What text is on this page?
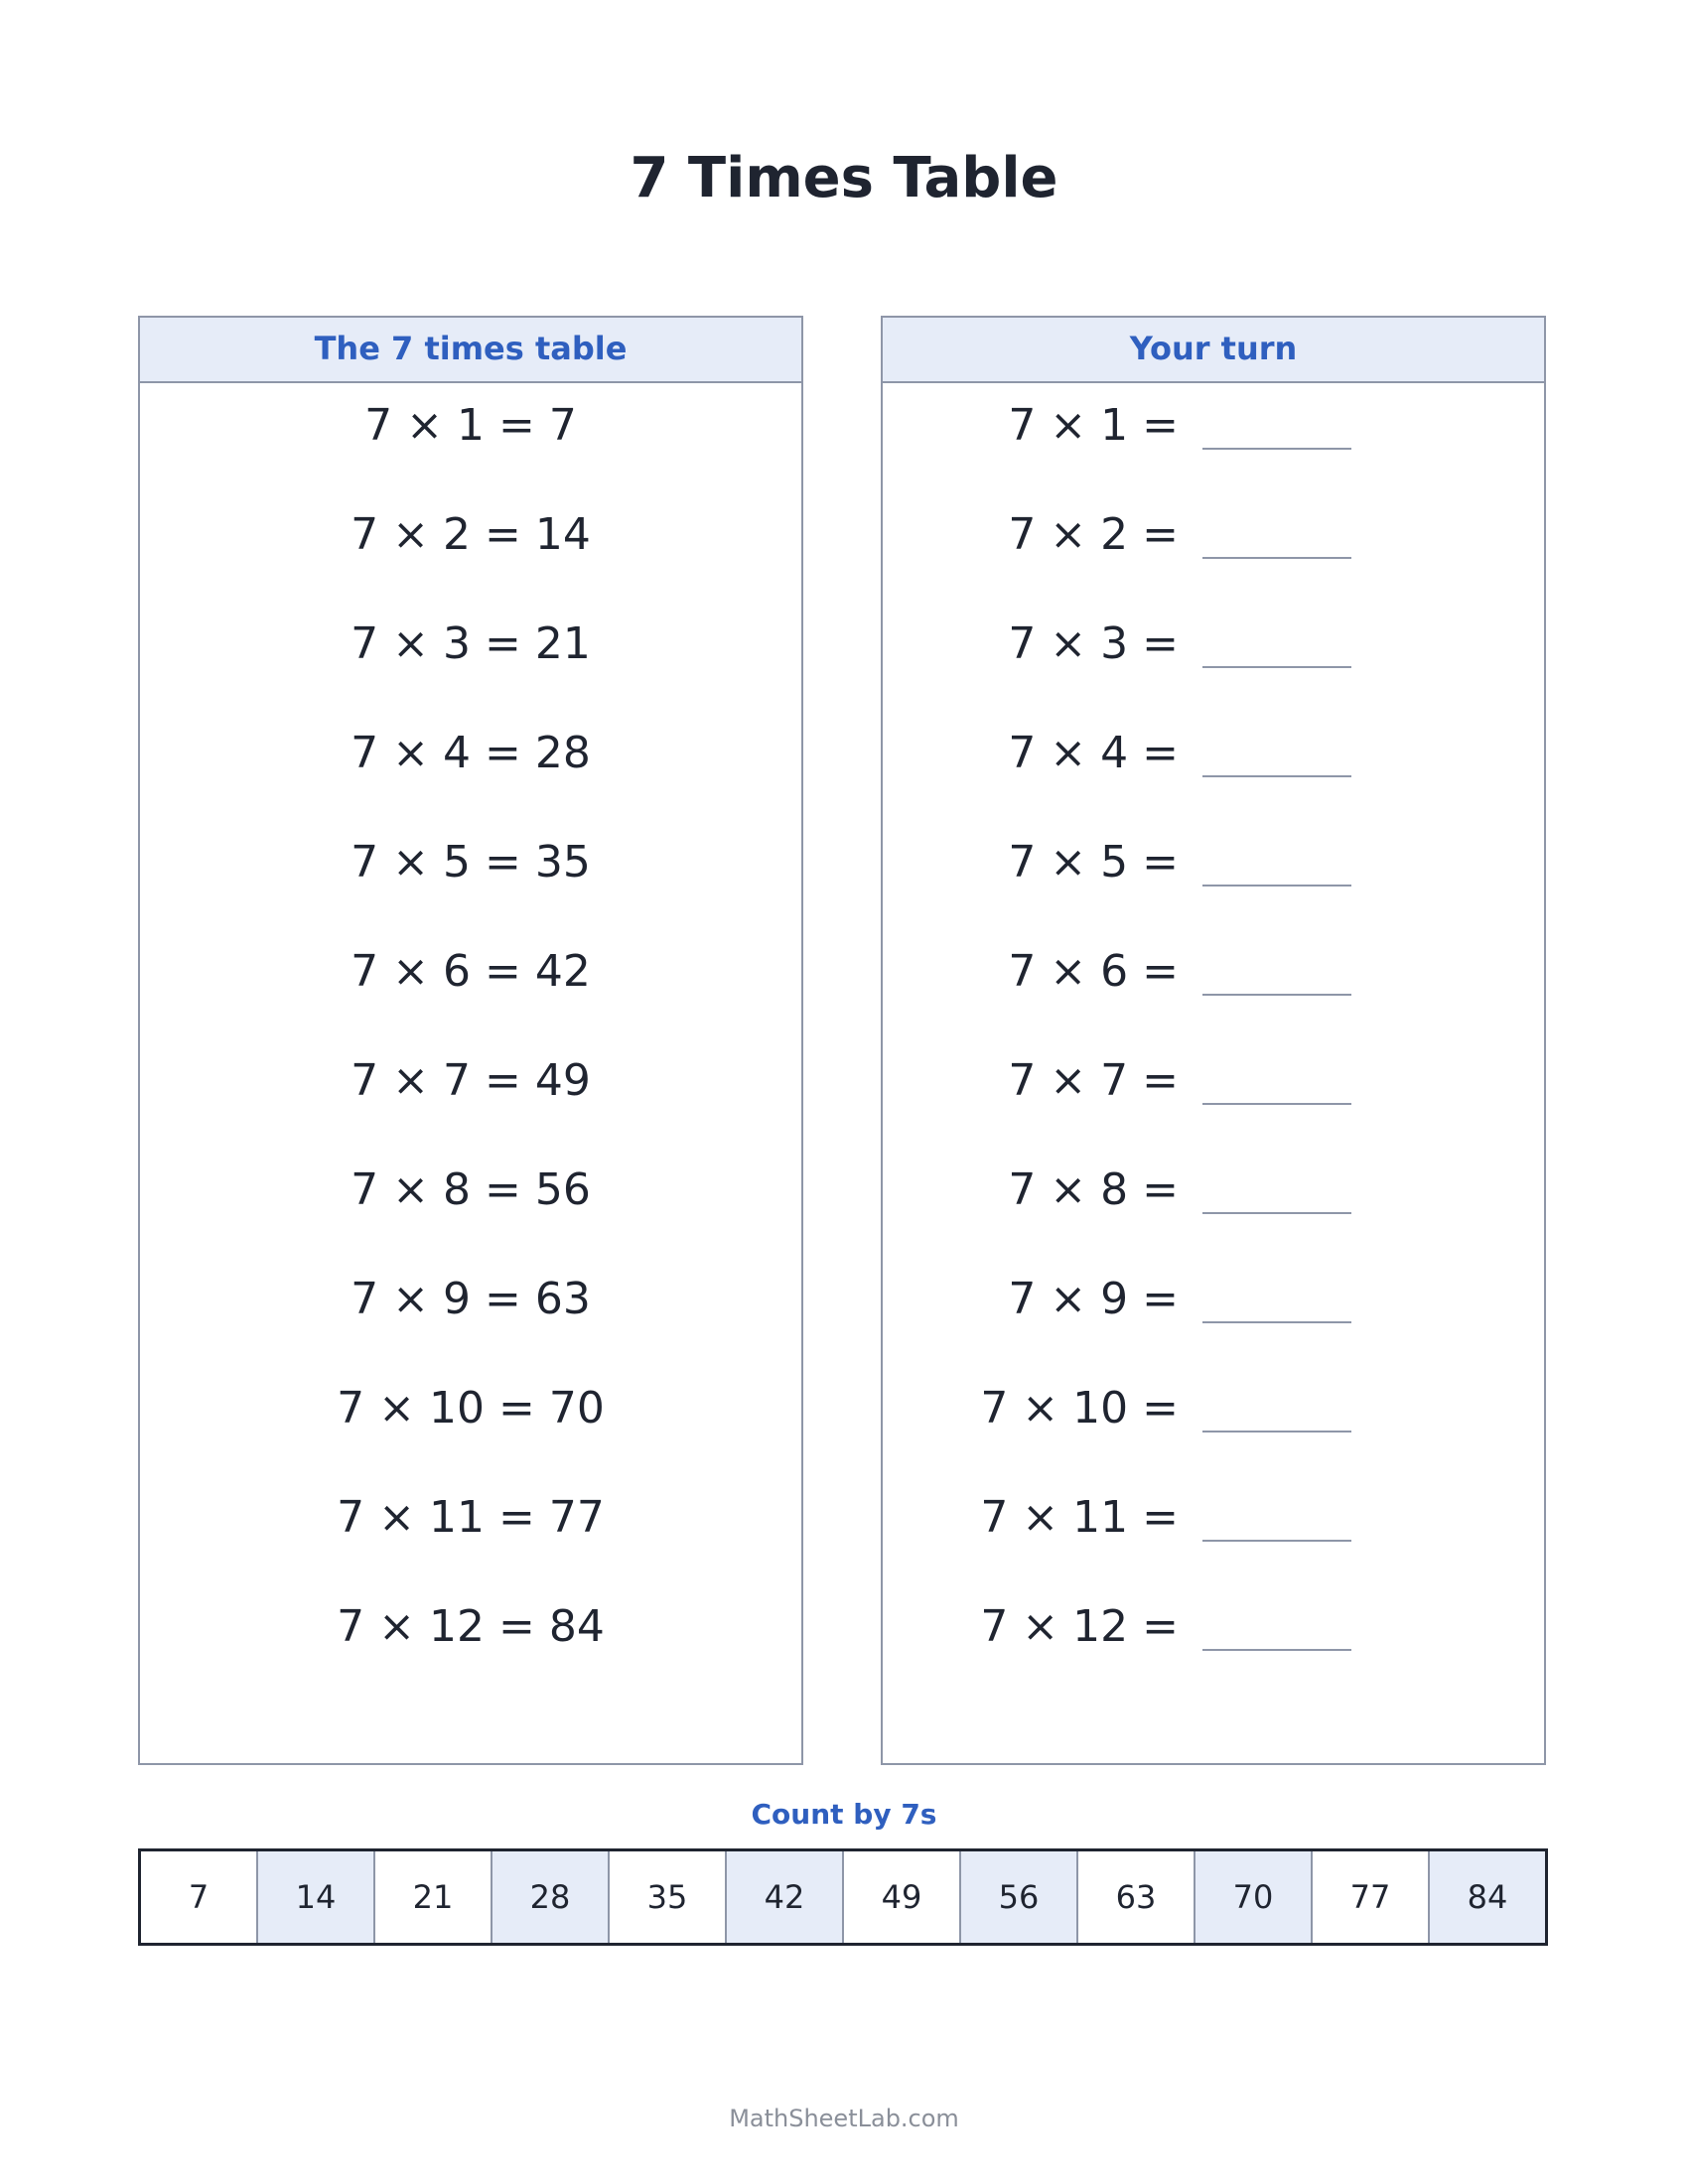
7 Times Table
The 7 times table
7 × 1 = 7
7 × 2 = 14
7 × 3 = 21
7 × 4 = 28
7 × 5 = 35
7 × 6 = 42
7 × 7 = 49
7 × 8 = 56
7 × 9 = 63
7 × 10 = 70
7 × 11 = 77
7 × 12 = 84
Your turn
7 × 1 =
7 × 2 =
7 × 3 =
7 × 4 =
7 × 5 =
7 × 6 =
7 × 7 =
7 × 8 =
7 × 9 =
7 × 10 =
7 × 11 =
7 × 12 =
Count by 7s
7	14	21	28	35	42	49	56	63	70	77	84
MathSheetLab.com
